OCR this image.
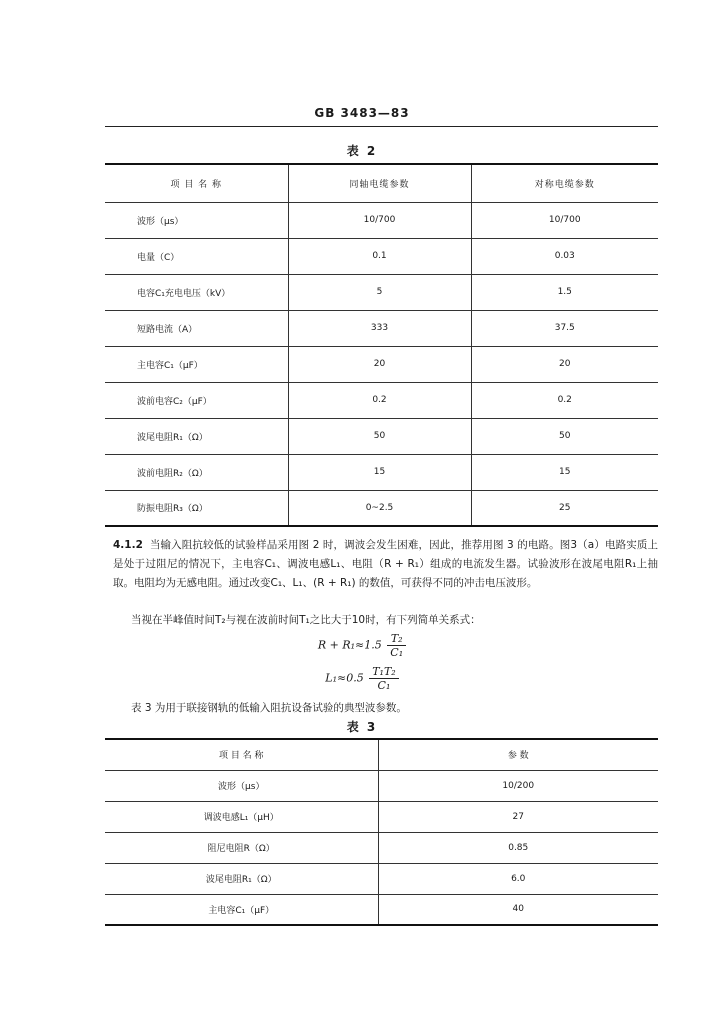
GB 3483—83
表 2
项 目 名 称	同轴电缆参数	对称电缆参数
波形（μs）	10/700	10/700
电量（C）	0.1	0.03
电容C₁充电电压（kV）	5	1.5
短路电流（A）	333	37.5
主电容C₁（μF）	20	20
波前电容C₂（μF）	0.2	0.2
波尾电阻R₁（Ω）	50	50
波前电阻R₂（Ω）	15	15
防振电阻R₃（Ω）	0~2.5	25
4.1.2 当输入阻抗较低的试验样品采用图 2 时，调波会发生困难，因此，推荐用图 3 的电路。图3（a）电路实质上是处于过阻尼的情况下，主电容C₁、调波电感L₁、电阻（R + R₁）组成的电流发生器。试验波形在波尾电阻R₁上抽取。电阻均为无感电阻。通过改变C₁、L₁、(R + R₁) 的数值，可获得不同的冲击电压波形。
当视在半峰值时间T₂与视在波前时间T₁之比大于10时，有下列简单关系式：
$R + R_1\approx 1.5 \frac{\text{T₂}}{\text{C₁}}$
$L_1\approx 0.5 \frac{\text{T₁T₂}}{\text{C₁}}$
表 3 为用于联接钢轨的低输入阻抗设备试验的典型波参数。
表 3
项 目 名 称	参 数
波形（μs）	10/200
调波电感L₁（μH）	27
阻尼电阻R（Ω）	0.85
波尾电阻R₁（Ω）	6.0
主电容C₁（μF）	40
